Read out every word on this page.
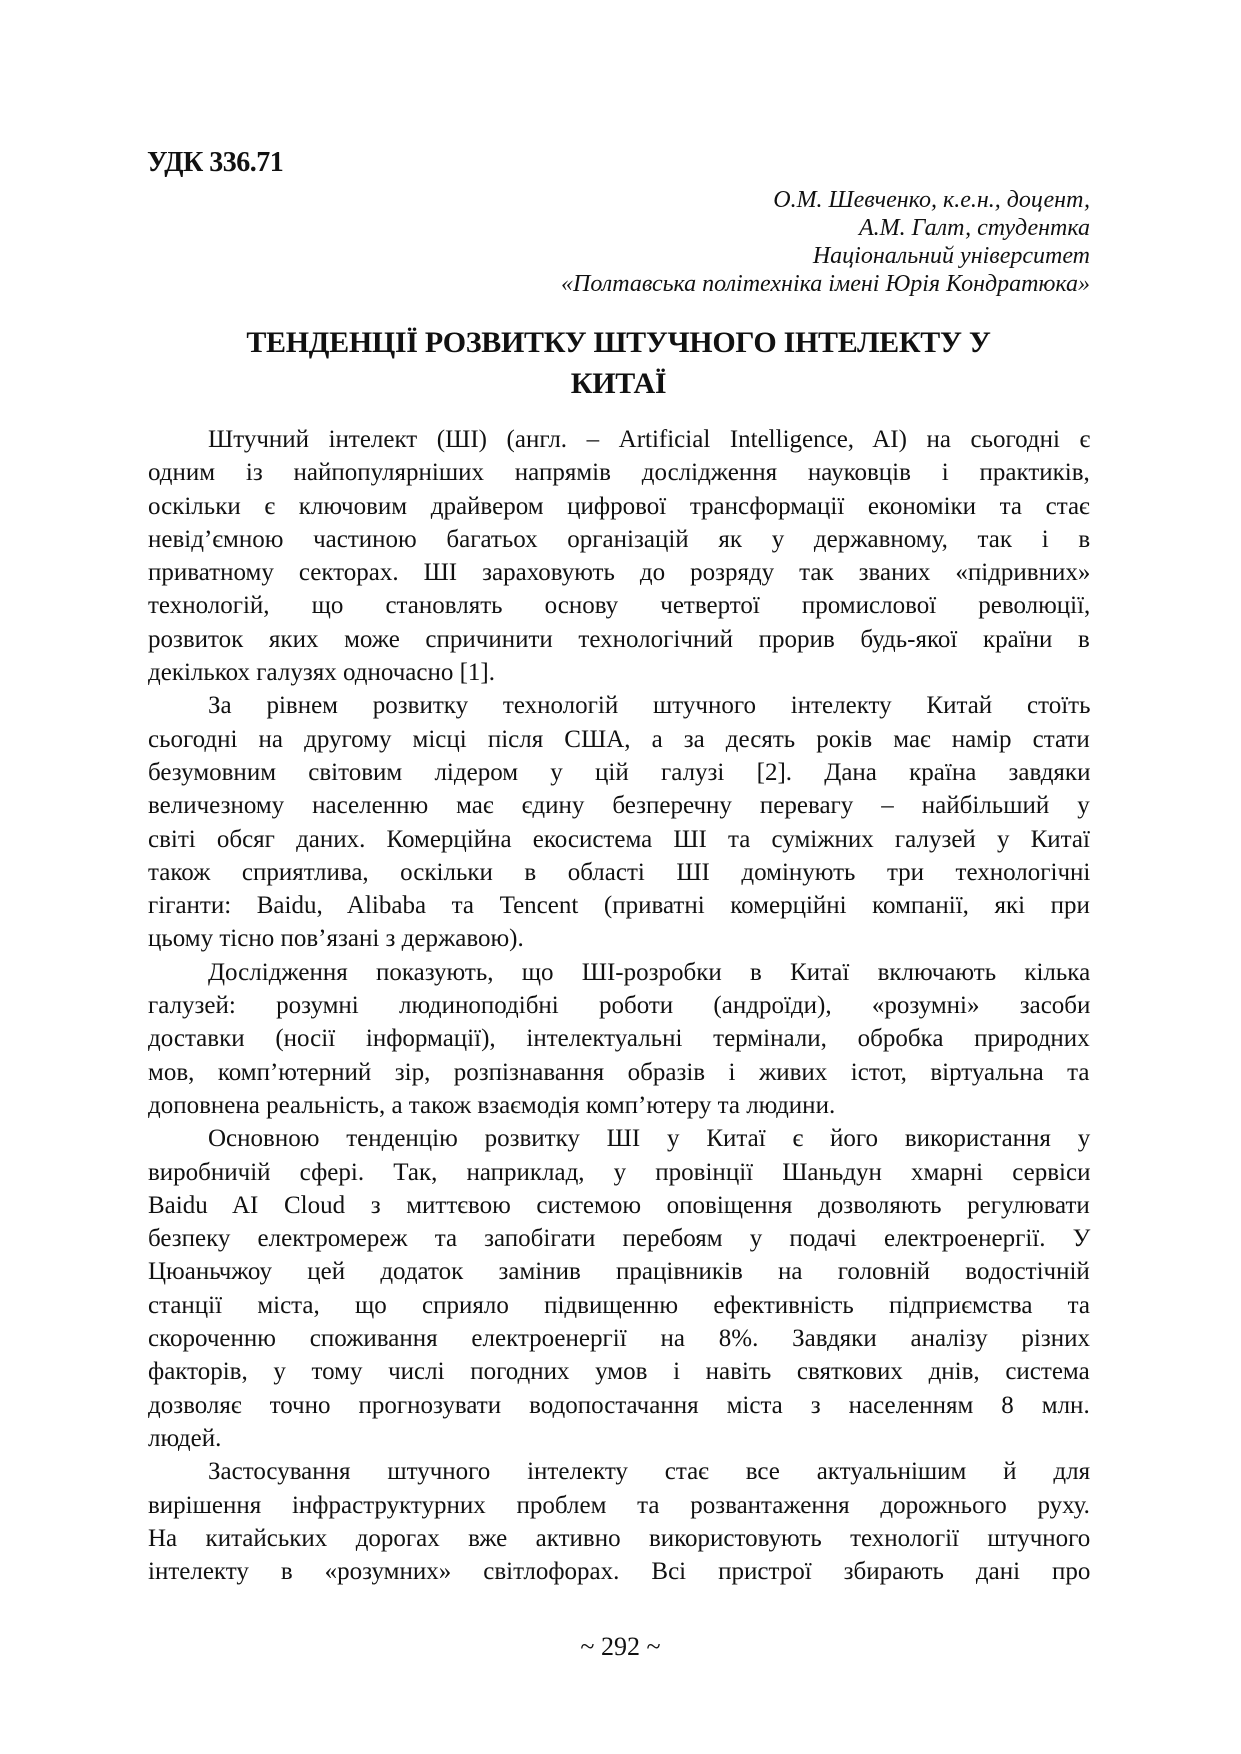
УДК 336.71
О.М. Шевченко, к.е.н., доцент,
А.М. Галт, студентка
Національний університет
«Полтавська політехніка імені Юрія Кондратюка»
ТЕНДЕНЦІЇ РОЗВИТКУ ШТУЧНОГО ІНТЕЛЕКТУ У
КИТАЇ
Штучний інтелект (ШІ) (англ. – Artificial Intelligence, AI) на сьогодні є
одним із найпопулярніших напрямів дослідження науковців і практиків,
оскільки є ключовим драйвером цифрової трансформації економіки та стає
невід’ємною частиною багатьох організацій як у державному, так і в
приватному секторах. ШІ зараховують до розряду так званих «підривних»
технологій, що становлять основу четвертої промислової революції,
розвиток яких може спричинити технологічний прорив будь-якої країни в
декількох галузях одночасно [1].
За рівнем розвитку технологій штучного інтелекту Китай стоїть
сьогодні на другому місці після США, а за десять років має намір стати
безумовним світовим лідером у цій галузі [2]. Дана країна завдяки
величезному населенню має єдину безперечну перевагу – найбільший у
світі обсяг даних. Комерційна екосистема ШІ та суміжних галузей у Китаї
також сприятлива, оскільки в області ШІ домінують три технологічні
гіганти: Baidu, Alibaba та Tencent (приватні комерційні компанії, які при
цьому тісно пов’язані з державою).
Дослідження показують, що ШІ-розробки в Китаї включають кілька
галузей: розумні людиноподібні роботи (андроїди), «розумні» засоби
доставки (носії інформації), інтелектуальні термінали, обробка природних
мов, комп’ютерний зір, розпізнавання образів і живих істот, віртуальна та
доповнена реальність, а також взаємодія комп’ютеру та людини.
Основною тенденцію розвитку ШІ у Китаї є його використання у
виробничій сфері. Так, наприклад, у провінції Шаньдун хмарні сервіси
Baidu AI Cloud з миттєвою системою оповіщення дозволяють регулювати
безпеку електромереж та запобігати перебоям у подачі електроенергії. У
Цюаньчжоу цей додаток замінив працівників на головній водостічній
станції міста, що сприяло підвищенню ефективність підприємства та
скороченню споживання електроенергії на 8%. Завдяки аналізу різних
факторів, у тому числі погодних умов і навіть святкових днів, система
дозволяє точно прогнозувати водопостачання міста з населенням 8 млн.
людей.
Застосування штучного інтелекту стає все актуальнішим й для
вирішення інфраструктурних проблем та розвантаження дорожнього руху.
На китайських дорогах вже активно використовують технології штучного
інтелекту в «розумних» світлофорах. Всі пристрої збирають дані про
~ 292 ~
